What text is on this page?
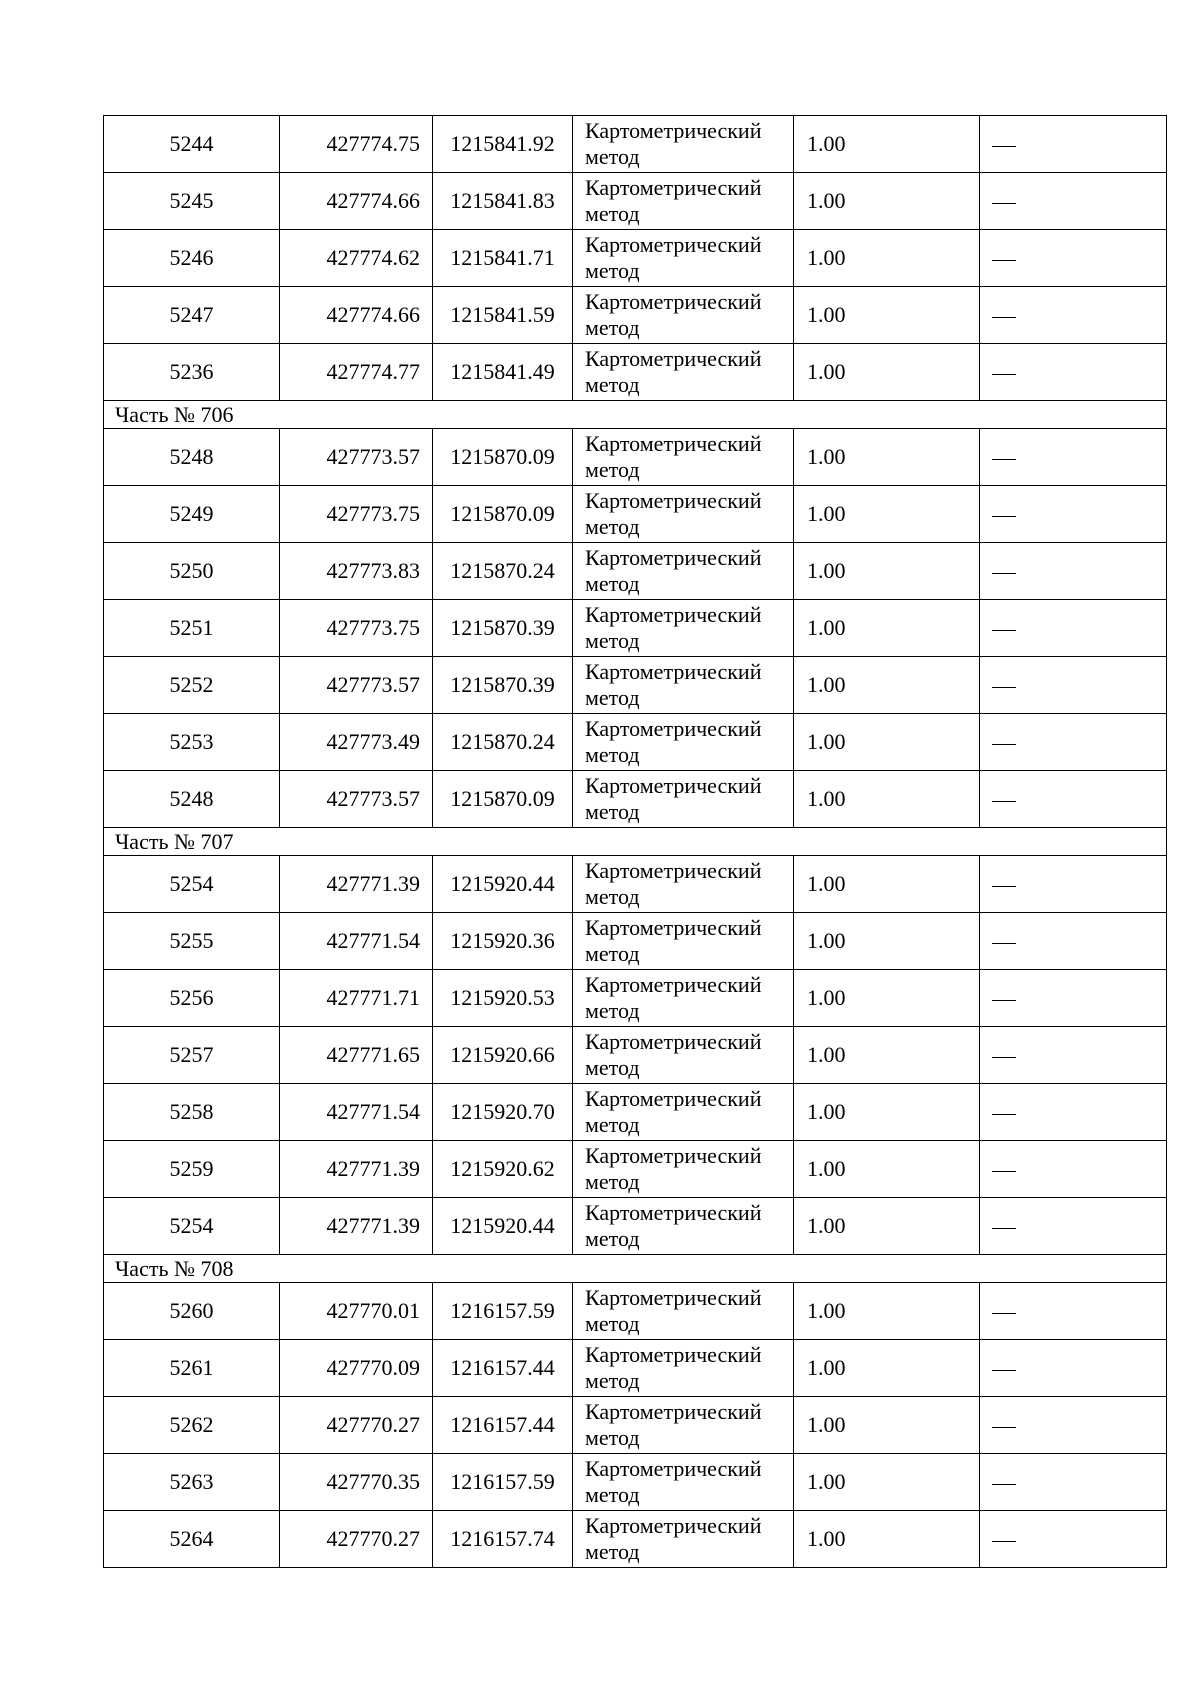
5244	427774.75	1215841.92	Картометрический метод	1.00	
5245	427774.66	1215841.83	Картометрический метод	1.00	
5246	427774.62	1215841.71	Картометрический метод	1.00	
5247	427774.66	1215841.59	Картометрический метод	1.00	
5236	427774.77	1215841.49	Картометрический метод	1.00	
Часть № 706					
5248	427773.57	1215870.09	Картометрический метод	1.00	
5249	427773.75	1215870.09	Картометрический метод	1.00	
5250	427773.83	1215870.24	Картометрический метод	1.00	
5251	427773.75	1215870.39	Картометрический метод	1.00	
5252	427773.57	1215870.39	Картометрический метод	1.00	
5253	427773.49	1215870.24	Картометрический метод	1.00	
5248	427773.57	1215870.09	Картометрический метод	1.00	
Часть № 707					
5254	427771.39	1215920.44	Картометрический метод	1.00	
5255	427771.54	1215920.36	Картометрический метод	1.00	
5256	427771.71	1215920.53	Картометрический метод	1.00	
5257	427771.65	1215920.66	Картометрический метод	1.00	
5258	427771.54	1215920.70	Картометрический метод	1.00	
5259	427771.39	1215920.62	Картометрический метод	1.00	
5254	427771.39	1215920.44	Картометрический метод	1.00	
Часть № 708					
5260	427770.01	1216157.59	Картометрический метод	1.00	
5261	427770.09	1216157.44	Картометрический метод	1.00	
5262	427770.27	1216157.44	Картометрический метод	1.00	
5263	427770.35	1216157.59	Картометрический метод	1.00	
5264	427770.27	1216157.74	Картометрический метод	1.00	
